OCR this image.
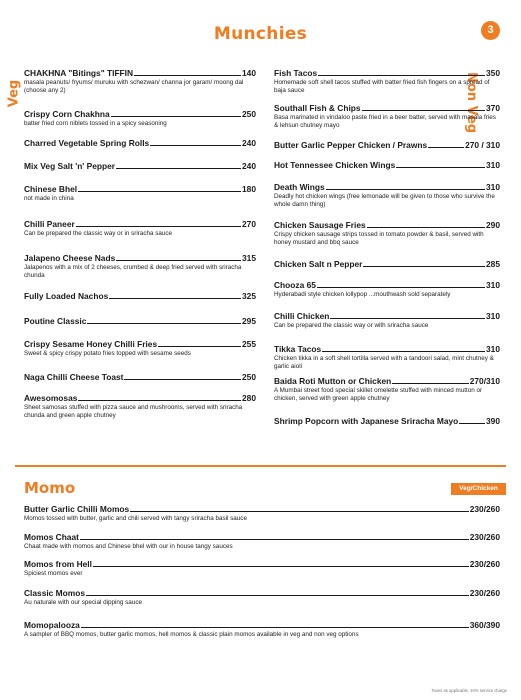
Munchies	3
Veg	Non Veg
CHAKHNA "Bitings" TIFFIN	140
masala peanuts/ fryums/ muruku with schezwan/ channa jor garam/ moong dal (choose any 2)
Crispy Corn Chakhna	250
batter fried corn niblets tossed in a spicy seasoning
Charred Vegetable Spring Rolls	240
Mix Veg Salt 'n' Pepper	240
Chinese Bhel	180
not made in china
Chilli Paneer	270
Can be prepared the classic way or in sriracha sauce
Jalapeno Cheese Nads	315
Jalapenos with a mix of 2 cheeses, crumbed & deep fried served with sriracha chunda
Fully Loaded Nachos	325
Poutine Classic	295
Crispy Sesame Honey Chilli Fries	255
Sweet & spicy crispy potato fries topped with sesame seeds
Naga Chilli Cheese Toast	250
Awesomosas	280
Sheet samosas stuffed with pizza sauce and mushrooms, served with sriracha chunda and green apple chutney
Fish Tacos	350
Homemade soft shell tacos stuffed with batter fried fish fingers on a spread of baja sauce
Southall Fish & Chips	370
Basa marinated in vindaloo paste fried in a beer batter, served with masala fries & lehsun chutney mayo
Butter Garlic Pepper Chicken / Prawns	270 / 310
Hot Tennessee Chicken Wings	310
Death Wings	310
Deadly hot chicken wings (free lemonade will be given to those who survive the whole damn thing)
Chicken Sausage Fries	290
Crispy chicken sausage strips tossed in tomato powder & basil, served with honey mustard and bbq sauce
Chicken Salt n Pepper	285
Chooza 65	310
Hyderabadi style chicken lollypop ...mouthwash sold separately
Chilli Chicken	310
Can be prepared the classic way or with sriracha sauce
Tikka Tacos	310
Chicken tikka in a soft shell tortilla served with a tandoori salad, mint chutney & garlic aioli
Baida Roti Mutton or Chicken	270/310
A Mumbai street food special skillet omelette stuffed with minced mutton or chicken, served with green apple chutney
Shrimp Popcorn with Japanese Sriracha Mayo	390
Momo	Veg/Chicken
Butter Garlic Chilli Momos	230/260
Momos tossed with butter, garlic and chili served with tangy sriracha basil sauce
Momos Chaat	230/260
Chaat made with momos and Chinese bhel with our in house tangy sauces
Momos from Hell	230/260
Spiciest momos ever
Classic Momos	230/260
Au naturale with our special dipping sauce
Momopalooza	360/390
A sampler of BBQ momos, butter garlic momos, hell momos & classic plain momos available in veg and non veg options
Taxes as applicable, 10% service charge
